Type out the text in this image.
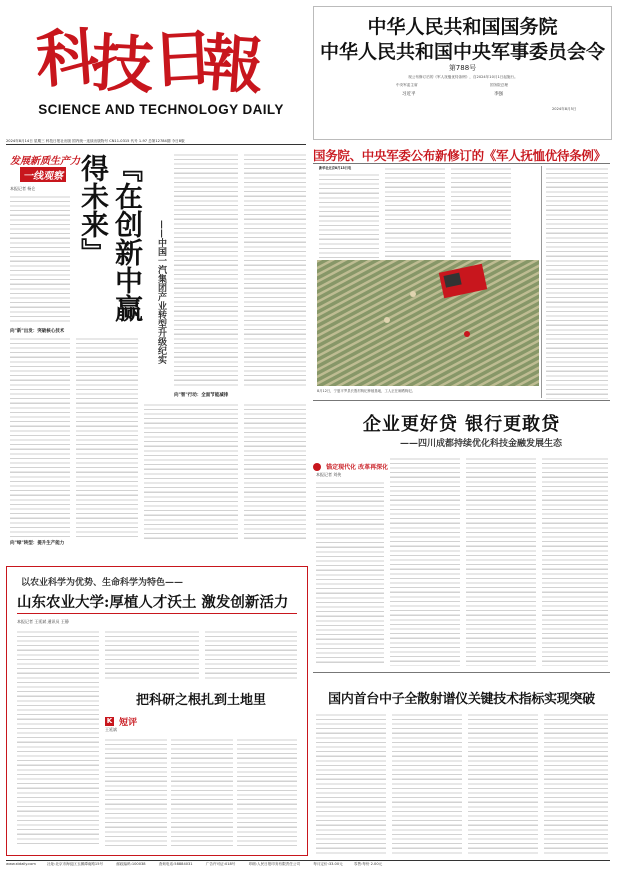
科
技
日
報
SCIENCE AND TECHNOLOGY DAILY
2024年8月14日 星期三 科技日报社出版 国内统一连续出版物号 CN11-0315 代号 1-97 总第12784期 今日8版
中华人民共和国国务院
中华人民共和国中央军事委员会令
第788号
现公布修订后的《军人抚恤优待条例》，自2024年10月1日起施行。
中央军委主席
习近平
国务院总理
李强
2024年8月5日
国务院、中央军委公布新修订的《军人抚恤优待条例》
新华社北京8月13日电
8月12日，宁夏平罗县长胜村枸杞种植基地，工人正在晾晒枸杞。
发展新质生产力
一线观察
本报记者 杨仑
向"新"出发：突破核心技术
向"绿"转型：提升生产能力
『在创新中赢得未来』
——中国一汽集团产业转型升级纪实
向"智"行动：全面节能减排
企业更好贷 银行更敢贷
——四川成都持续优化科技金融发展生态
锚定现代化 改革再深化
本报记者 刘侠
以农业科学为优势、生命科学为特色——
山东农业大学:厚植人才沃土 激发创新活力
本报记者 王延斌 通讯员 王静
把科研之根扎到土地里
K 短评
王延斌
国内首台中子全散射谱仪关键技术指标实现突破
www.stdaily.com	社址:北京市海淀区玉渊潭南路15号	邮政编码:100038	查询电话:58884031	广告许可证:018号	印刷:人民日报印务有限责任公司	每月定价:33.00元	零售:每份 2.00元
